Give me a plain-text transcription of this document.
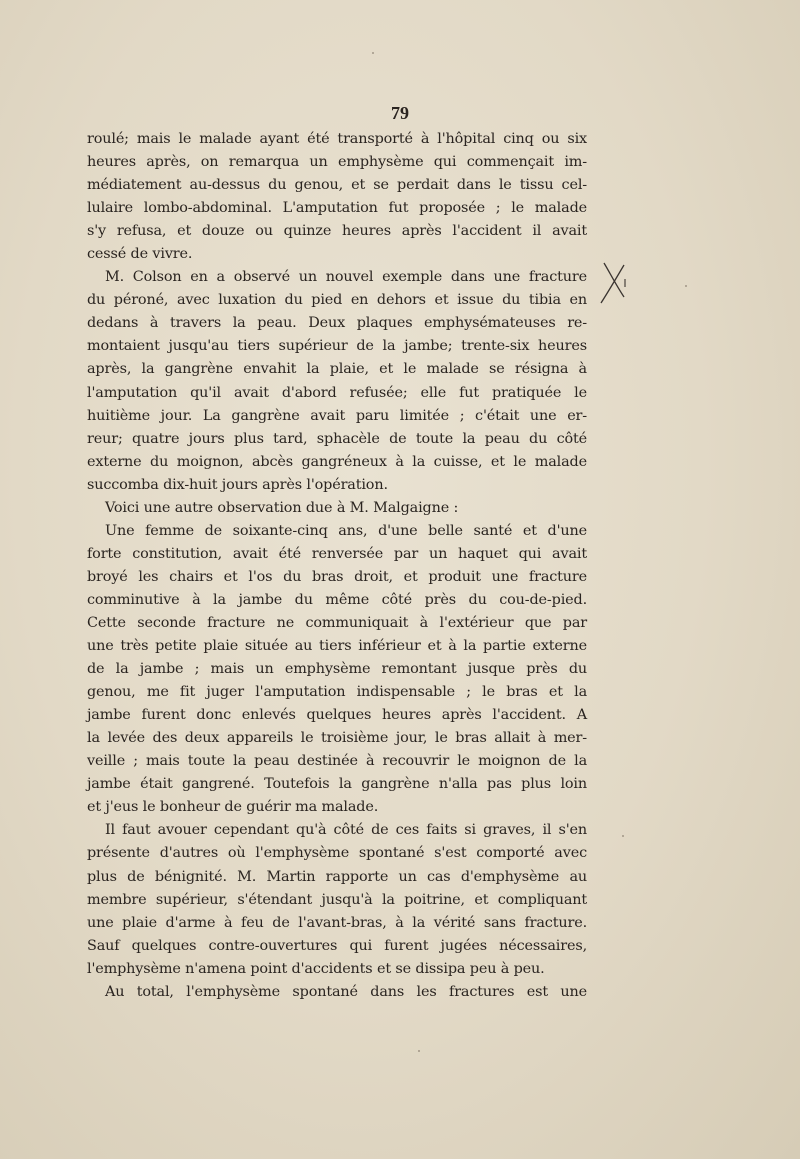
79
roulé; mais le malade ayant été transporté à l'hôpital cinq ou six
heures après, on remarqua un emphysème qui commençait im-
médiatement au-dessus du genou, et se perdait dans le tissu cel-
lulaire lombo-abdominal. L'amputation fut proposée ; le malade
s'y refusa, et douze ou quinze heures après l'accident il avait
cessé de vivre.
M. Colson en a observé un nouvel exemple dans une fracture
du péroné, avec luxation du pied en dehors et issue du tibia en
dedans à travers la peau. Deux plaques emphysémateuses re-
montaient jusqu'au tiers supérieur de la jambe; trente-six heures
après, la gangrène envahit la plaie, et le malade se résigna à
l'amputation qu'il avait d'abord refusée; elle fut pratiquée le
huitième jour. La gangrène avait paru limitée ; c'était une er-
reur; quatre jours plus tard, sphacèle de toute la peau du côté
externe du moignon, abcès gangréneux à la cuisse, et le malade
succomba dix-huit jours après l'opération.
Voici une autre observation due à M. Malgaigne :
Une femme de soixante-cinq ans, d'une belle santé et d'une
forte constitution, avait été renversée par un haquet qui avait
broyé les chairs et l'os du bras droit, et produit une fracture
comminutive à la jambe du même côté près du cou-de-pied.
Cette seconde fracture ne communiquait à l'extérieur que par
une très petite plaie située au tiers inférieur et à la partie externe
de la jambe ; mais un emphysème remontant jusque près du
genou, me fit juger l'amputation indispensable ; le bras et la
jambe furent donc enlevés quelques heures après l'accident. A
la levée des deux appareils le troisième jour, le bras allait à mer-
veille ; mais toute la peau destinée à recouvrir le moignon de la
jambe était gangrené. Toutefois la gangrène n'alla pas plus loin
et j'eus le bonheur de guérir ma malade.
Il faut avouer cependant qu'à côté de ces faits si graves, il s'en
présente d'autres où l'emphysème spontané s'est comporté avec
plus de bénignité. M. Martin rapporte un cas d'emphysème au
membre supérieur, s'étendant jusqu'à la poitrine, et compliquant
une plaie d'arme à feu de l'avant-bras, à la vérité sans fracture.
Sauf quelques contre-ouvertures qui furent jugées nécessaires,
l'emphysème n'amena point d'accidents et se dissipa peu à peu.
Au total, l'emphysème spontané dans les fractures est une
